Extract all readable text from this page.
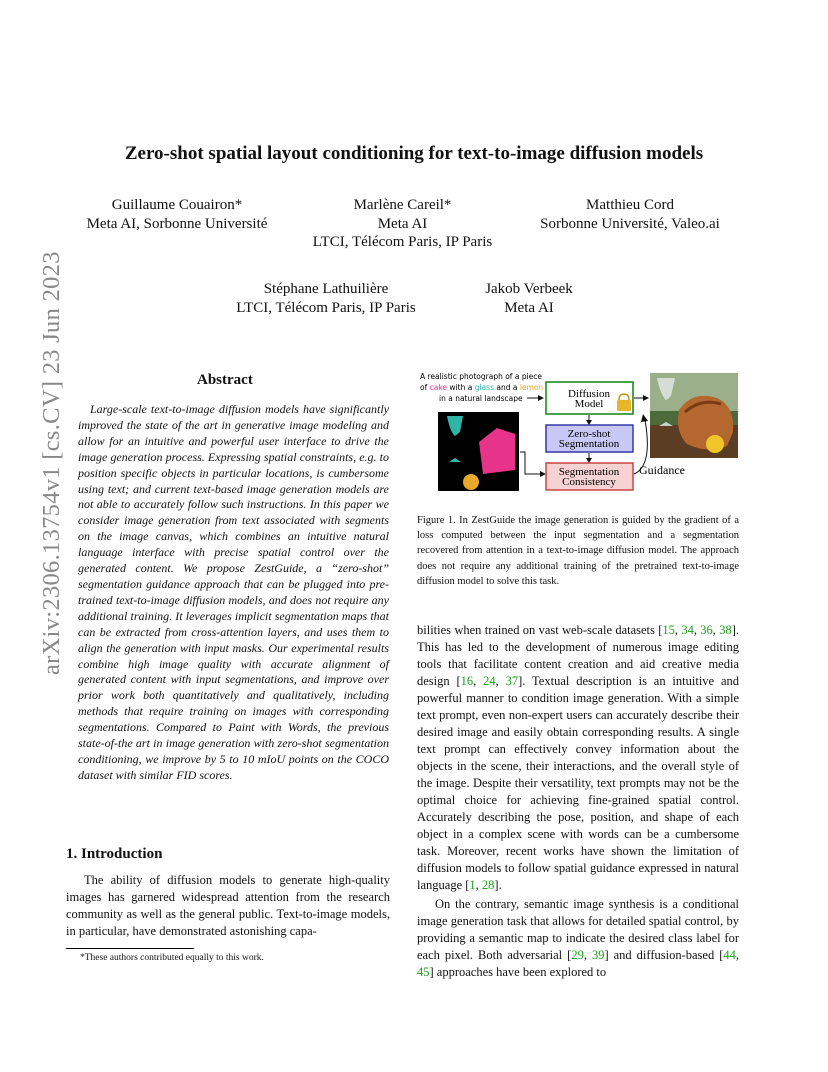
arXiv:2306.13754v1 [cs.CV] 23 Jun 2023
Zero-shot spatial layout conditioning for text-to-image diffusion models
Guillaume Couairon*
Meta AI, Sorbonne Université
Marlène Careil*
Meta AI
LTCI, Télécom Paris, IP Paris
Matthieu Cord
Sorbonne Université, Valeo.ai
Stéphane Lathuilière
LTCI, Télécom Paris, IP Paris
Jakob Verbeek
Meta AI
Abstract

Large-scale text-to-image diffusion models have significantly improved the state of the art in generative image modeling and allow for an intuitive and powerful user interface to drive the image generation process. Expressing spatial constraints, e.g. to position specific objects in particular locations, is cumbersome using text; and current text-based image generation models are not able to accurately follow such instructions. In this paper we consider image generation from text associated with segments on the image canvas, which combines an intuitive natural language interface with precise spatial control over the generated content. We propose ZestGuide, a “zero-shot” segmentation guidance approach that can be plugged into pre-trained text-to-image diffusion models, and does not require any additional training. It leverages implicit segmentation maps that can be extracted from cross-attention layers, and uses them to align the generation with input masks. Our experimental results combine high image quality with accurate alignment of generated content with input segmentations, and improve over prior work both quantitatively and qualitatively, including methods that require training on images with corresponding segmentations. Compared to Paint with Words, the previous state-of-the art in image generation with zero-shot segmentation conditioning, we improve by 5 to 10 mIoU points on the COCO dataset with similar FID scores.

1. Introduction
The ability of diffusion models to generate high-quality images has garnered widespread attention from the research community as well as the general public. Text-to-image models, in particular, have demonstrated astonishing capa-
*These authors contributed equally to this work.
A realistic photograph of a piece
of cake with a glass and a lemon
in a natural landscape	Diffusion
Model
Zero-shot
Segmentation
Segmentation
Consistency
Guidance
Figure 1. In ZestGuide the image generation is guided by the gradient of a loss computed between the input segmentation and a segmentation recovered from attention in a text-to-image diffusion model. The approach does not require any additional training of the pretrained text-to-image diffusion model to solve this task.

bilities when trained on vast web-scale datasets [15, 34, 36, 38]. This has led to the development of numerous image editing tools that facilitate content creation and aid creative media design [16, 24, 37]. Textual description is an intuitive and powerful manner to condition image generation. With a simple text prompt, even non-expert users can accurately describe their desired image and easily obtain corresponding results. A single text prompt can effectively convey information about the objects in the scene, their interactions, and the overall style of the image. Despite their versatility, text prompts may not be the optimal choice for achieving fine-grained spatial control. Accurately describing the pose, position, and shape of each object in a complex scene with words can be a cumbersome task. Moreover, recent works have shown the limitation of diffusion models to follow spatial guidance expressed in natural language [1, 28].

On the contrary, semantic image synthesis is a conditional image generation task that allows for detailed spatial control, by providing a semantic map to indicate the desired class label for each pixel. Both adversarial [29, 39] and diffusion-based [44, 45] approaches have been explored to
